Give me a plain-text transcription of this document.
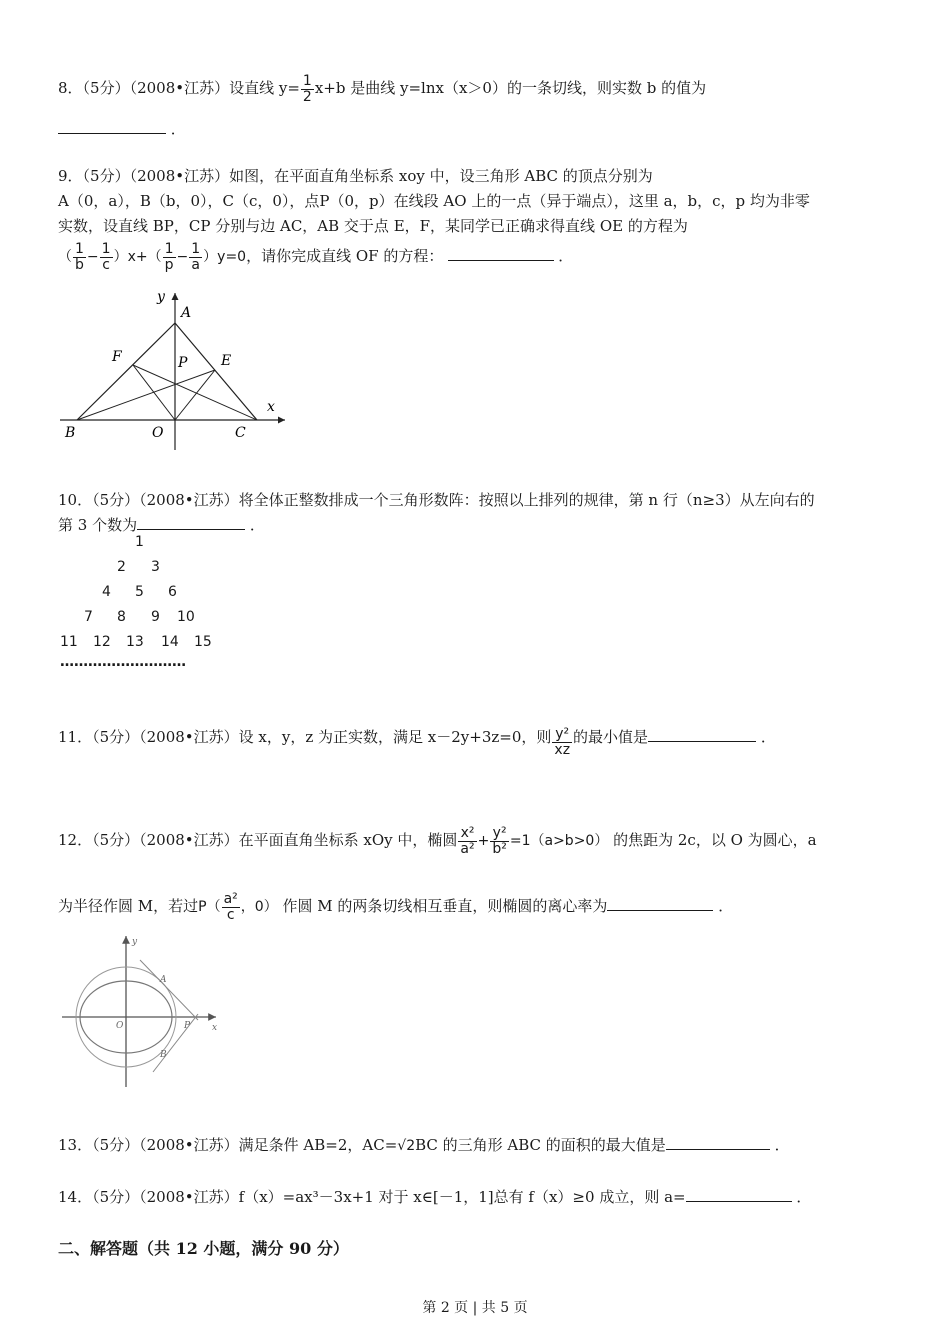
8．（5分）（2008•江苏）设直线 $y= \frac{1}{2} x+b$ 是曲线 y=lnx（x＞0）的一条切线，则实数 b 的值为
．
9．（5分）（2008•江苏）如图，在平面直角坐标系 xoy 中，设三角形 ABC 的顶点分别为
A（0，a），B（b，0），C（c，0），点P（0，p）在线段 AO 上的一点（异于端点），这里 a，b，c，p 均为非零
实数，设直线 BP，CP 分别与边 AC，AB 交于点 E，F，某同学已正确求得直线 OE 的方程为
（ $\frac{1}{b} - \frac{1}{c} )x+( \frac{1}{p} - \frac{1}{a} )y=0$，请你完成直线 OF 的方程：	．
y
x
A
B	C
O
P E
F
10．（5分）（2008•江苏）将全体正整数排成一个三角形数阵：按照以上排列的规律，第 n 行（n≥3）从左向右的
第 3 个数为	．
1
2 3
4 5 6
7 8 9 10
11 12 13 14 15
………………………
11．（5分）（2008•江苏）设 x，y，z 为正实数，满足 x－2y+3z=0，则 $\frac{\text{y²}}{xz}$ 的最小值是	．
12．（5分）（2008•江苏）在平面直角坐标系 xOy 中，椭圆 $\frac{\text{x²}}{\text{a²}} + \frac{\text{y²}}{\text{b²}} =1(a>b>0)$ 的焦距为 2c，以 O 为圆心，a
为半径作圆 M，若过$P( \frac{\text{a²}}{c}$ ，0） 作圆 M 的两条切线相互垂直，则椭圆的离心率为	．
y
x
O
A
B
P
13．（5分）（2008•江苏）满足条件 AB=2，AC=√2BC 的三角形 ABC 的面积的最大值是	．
14．（5分）（2008•江苏）f（x）=ax³－3x+1 对于 x∈[－1，1]总有 f（x）≥0 成立，则 a=	．
二、解答题（共 12 小题，满分 90 分）
第 2 页 | 共 5 页
